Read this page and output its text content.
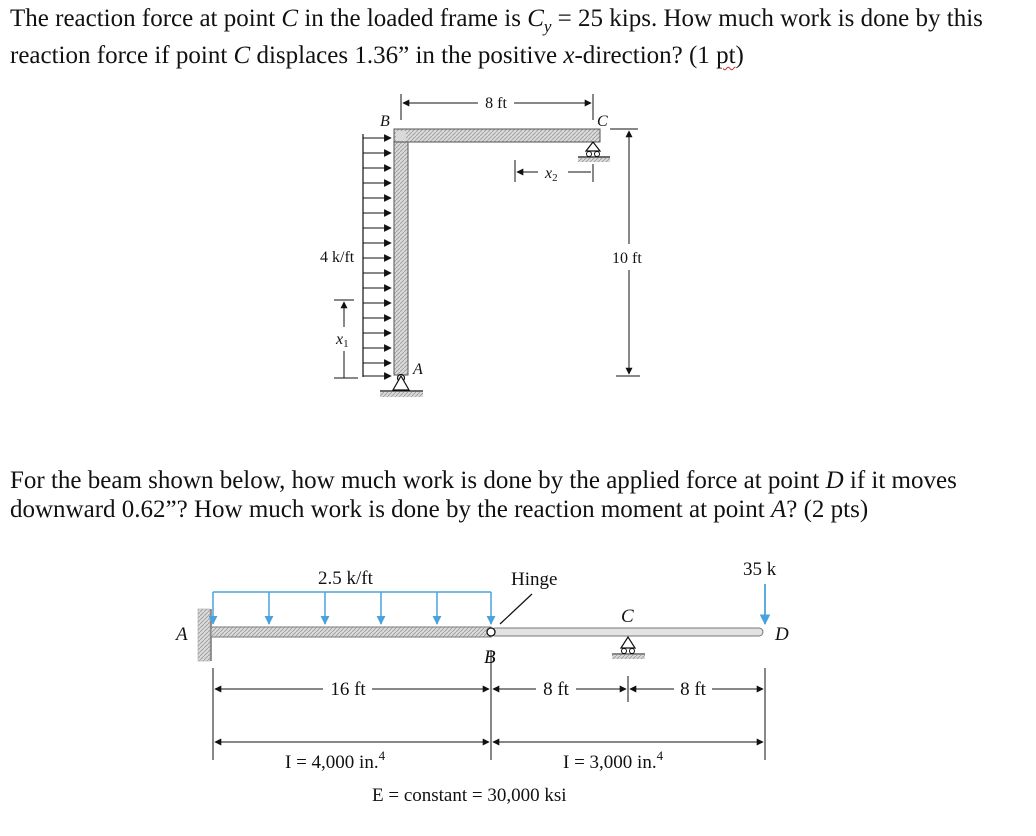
The reaction force at point C in the loaded frame is $C_y = 25$ kips. How much work is done by this reaction force if point C displaces 1.36” in the positive x-direction? (1 pt)

For the beam shown below, how much work is done by the applied force at point D if it moves downward 0.62”? How much work is done by the reaction moment at point A? (2 pts)

B	C
A
8 ft
x2
10 ft
4 k/ft
x1
2.5 k/ft	Hinge	35 k
A
B
C
D
16 ft	8 ft	8 ft
I = 4,000 in.$^4$	I = 3,000 in.$^4$
E = constant = 30,000 ksi
